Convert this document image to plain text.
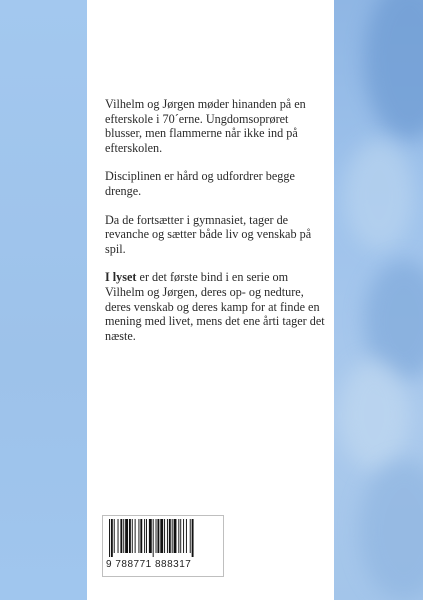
Vilhelm og Jørgen møder hinanden på en efterskole i 70´erne. Ungdomsoprøret blusser, men flammerne når ikke ind på efterskolen.

Disciplinen er hård og udfordrer begge drenge.

Da de fortsætter i gymnasiet, tager de revanche og sætter både liv og venskab på spil.

I lyset er det første bind i en serie om Vilhelm og Jørgen, deres op- og nedture, deres venskab og deres kamp for at finde en mening med livet, mens det ene årti tager det næste.

9 788771 888317
